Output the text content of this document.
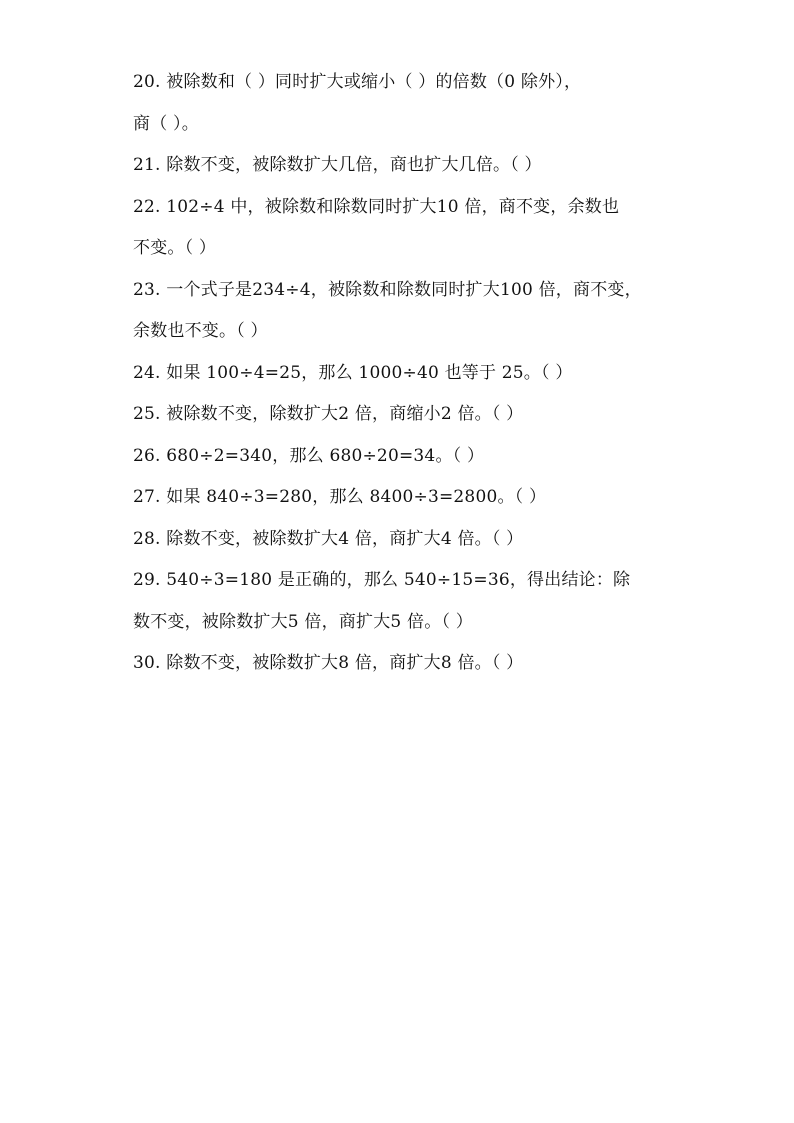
20. 被除数和（ ）同时扩大或缩小（ ）的倍数（0 除外），
商（ ）。
21. 除数不变，被除数扩大几倍，商也扩大几倍。（ ）
22. 102÷4 中，被除数和除数同时扩大10 倍，商不变，余数也
不变。（ ）
23. 一个式子是234÷4，被除数和除数同时扩大100 倍，商不变，
余数也不变。（ ）
24. 如果 100÷4=25，那么 1000÷40 也等于 25。（ ）
25. 被除数不变，除数扩大2 倍，商缩小2 倍。（ ）
26. 680÷2=340，那么 680÷20=34。（ ）
27. 如果 840÷3=280，那么 8400÷3=2800。（ ）
28. 除数不变，被除数扩大4 倍，商扩大4 倍。（ ）
29. 540÷3=180 是正确的，那么 540÷15=36，得出结论：除
数不变，被除数扩大5 倍，商扩大5 倍。（ ）
30. 除数不变，被除数扩大8 倍，商扩大8 倍。（ ）
